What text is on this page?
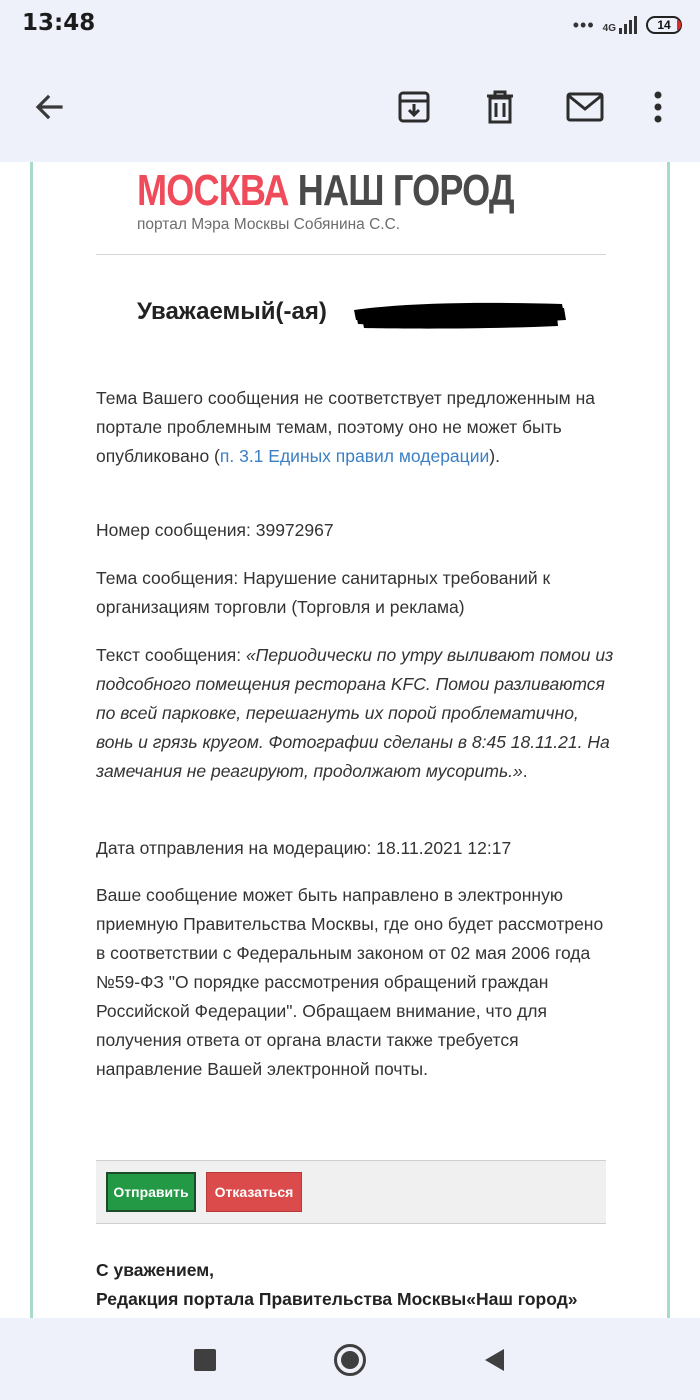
13:48	••• 4G	14
МОСКВА НАШ ГОРОД
портал Мэра Москвы Собянина С.С.
Уважаемый(-ая)
Тема Вашего сообщения не соответствует предложенным на портале проблемным темам, поэтому оно не может быть опубликовано (п. 3.1 Единых правил модерации).
Номер сообщения: 39972967
Тема сообщения: Нарушение санитарных требований к организациям торговли (Торговля и реклама)
Текст сообщения: «Периодически по утру выливают помои из подсобного помещения ресторана KFC. Помои разливаются по всей парковке, перешагнуть их порой проблематично, вонь и грязь кругом. Фотографии сделаны в 8:45 18.11.21. На замечания не реагируют, продолжают мусорить.».
Дата отправления на модерацию: 18.11.2021 12:17
Ваше сообщение может быть направлено в электронную приемную Правительства Москвы, где оно будет рассмотрено в соответствии с Федеральным законом от 02 мая 2006 года №59-ФЗ "О порядке рассмотрения обращений граждан Российской Федерации". Обращаем внимание, что для получения ответа от органа власти также требуется направление Вашей электронной почты.
Отправить	Отказаться
С уважением,
Редакция портала Правительства Москвы«Наш город»
